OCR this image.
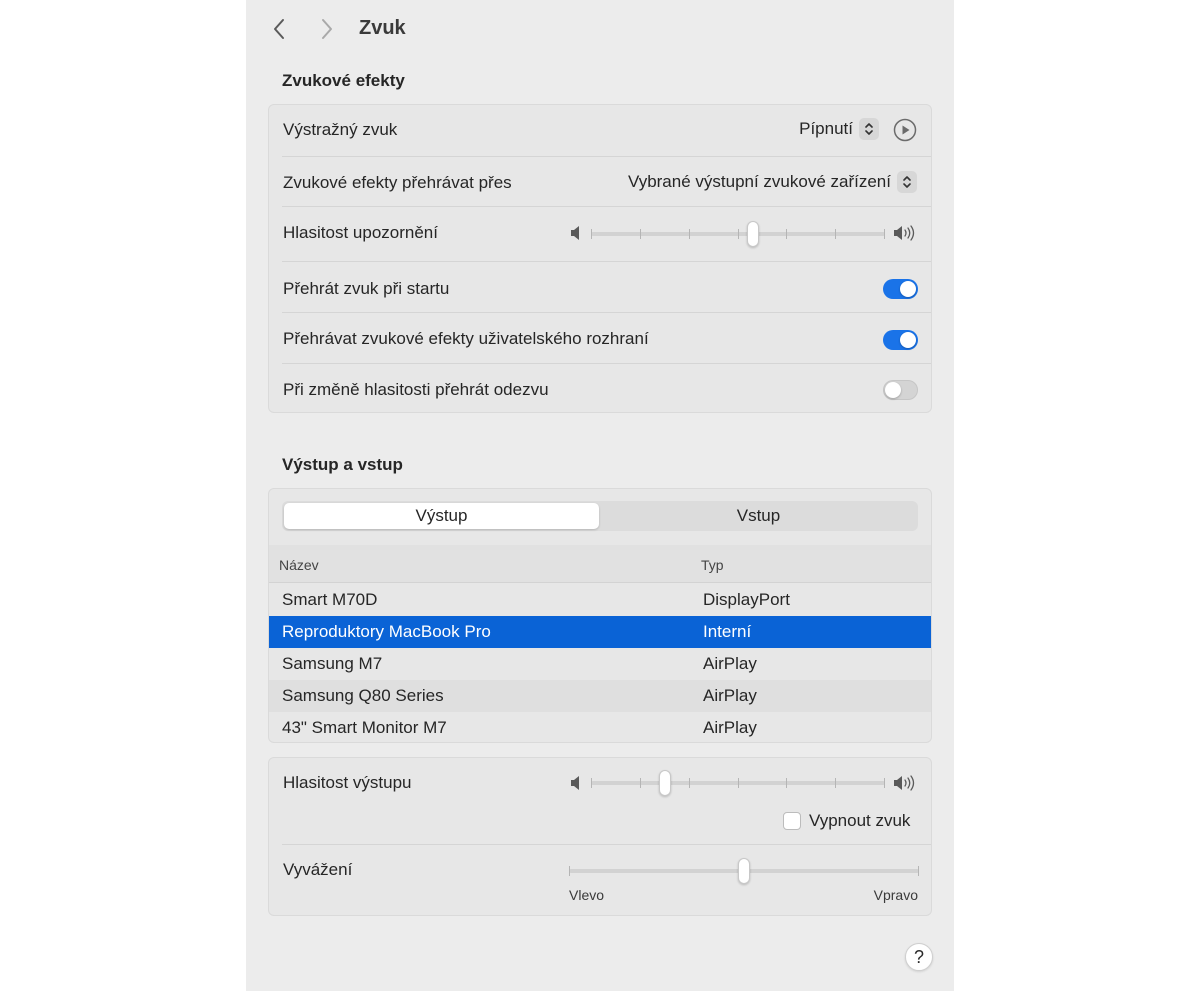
Zvuk
Zvukové efekty
Výstražný zvuk	Pípnutí
Zvukové efekty přehrávat přes	Vybrané výstupní zvukové zařízení
Hlasitost upozornění
Přehrát zvuk při startu
Přehrávat zvukové efekty uživatelského rozhraní
Při změně hlasitosti přehrát odezvu
Výstup a vstup
Výstup	Vstup
Název	Typ
Smart M70D	DisplayPort
Reproduktory MacBook Pro	Interní
Samsung M7	AirPlay
Samsung Q80 Series	AirPlay
43" Smart Monitor M7	AirPlay
Hlasitost výstupu
Vypnout zvuk
Vyvážení
Vlevo	Vpravo
?
